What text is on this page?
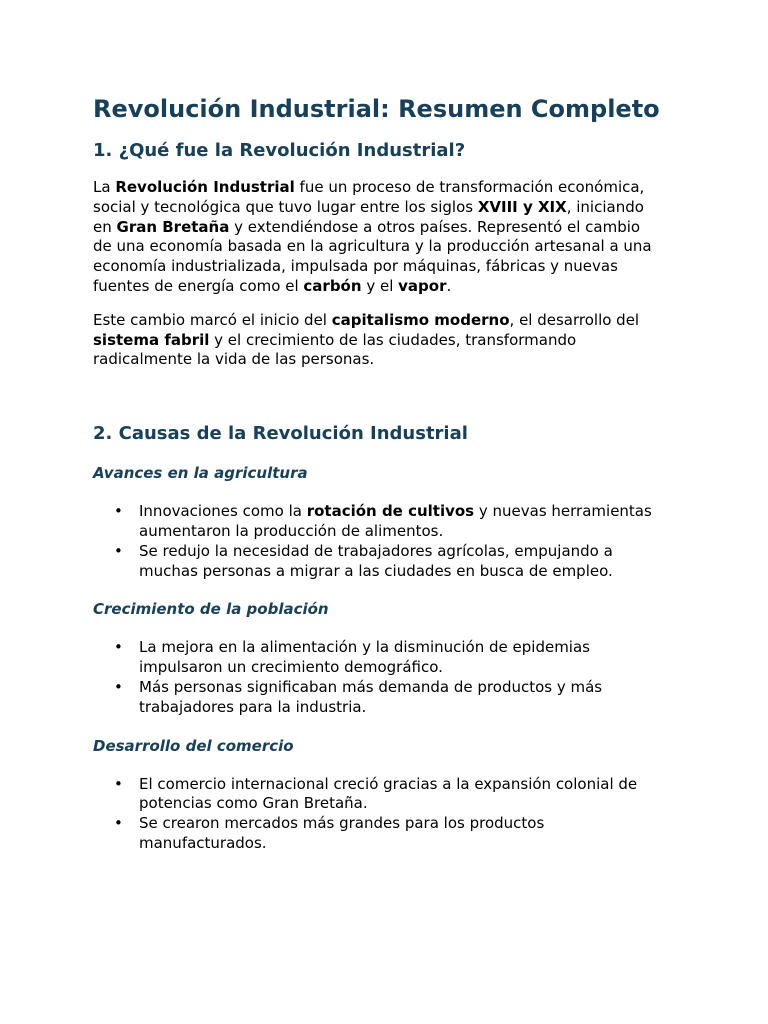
Revolución Industrial: Resumen Completo
1. ¿Qué fue la Revolución Industrial?

La Revolución Industrial fue un proceso de transformación económica,
social y tecnológica que tuvo lugar entre los siglos XVIII y XIX, iniciando
en Gran Bretaña y extendiéndose a otros países. Representó el cambio
de una economía basada en la agricultura y la producción artesanal a una
economía industrializada, impulsada por máquinas, fábricas y nuevas
fuentes de energía como el carbón y el vapor.

Este cambio marcó el inicio del capitalismo moderno, el desarrollo del
sistema fabril y el crecimiento de las ciudades, transformando
radicalmente la vida de las personas.

2. Causas de la Revolución Industrial
Avances en la agricultura
• Innovaciones como la rotación de cultivos y nuevas herramientas
aumentaron la producción de alimentos.
• Se redujo la necesidad de trabajadores agrícolas, empujando a
muchas personas a migrar a las ciudades en busca de empleo.
Crecimiento de la población
• La mejora en la alimentación y la disminución de epidemias
impulsaron un crecimiento demográfico.
• Más personas significaban más demanda de productos y más
trabajadores para la industria.
Desarrollo del comercio
• El comercio internacional creció gracias a la expansión colonial de
potencias como Gran Bretaña.
• Se crearon mercados más grandes para los productos
manufacturados.
